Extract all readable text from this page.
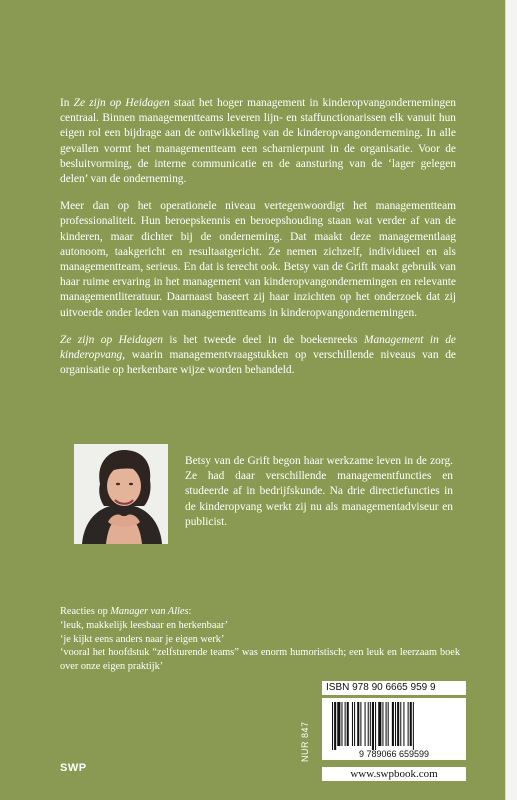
In Ze zijn op Heidagen staat het hoger management in kinderopvangondernemingen centraal. Binnen managementteams leveren lijn- en staffunctionarissen elk vanuit hun eigen rol een bijdrage aan de ontwikkeling van de kinderopvangonderneming. In alle gevallen vormt het managementteam een scharnierpunt in de organisatie. Voor de besluitvorming, de interne communicatie en de aansturing van de ‘lager gelegen delen’ van de onderneming.

Meer dan op het operationele niveau vertegenwoordigt het managementteam professionaliteit. Hun beroepskennis en beroepshouding staan wat verder af van de kinderen, maar dichter bij de onderneming. Dat maakt deze managementlaag autonoom, taakgericht en resultaatgericht. Ze nemen zichzelf, individueel en als managementteam, serieus. En dat is terecht ook. Betsy van de Grift maakt gebruik van haar ruime ervaring in het management van kinderopvangondernemingen en relevante managementliteratuur. Daarnaast baseert zij haar inzichten op het onderzoek dat zij uitvoerde onder leden van managementteams in kinderopvangondernemingen.

Ze zijn op Heidagen is het tweede deel in de boekenreeks Management in de kinderopvang, waarin managementvraagstukken op verschillende niveaus van de organisatie op herkenbare wijze worden behandeld.

Betsy van de Grift begon haar werkzame leven in de zorg. Ze had daar verschillende managementfuncties en studeerde af in bedrijfskunde. Na drie directiefuncties in de kinderopvang werkt zij nu als managementadviseur en publicist.

Reacties op Manager van Alles:

‘leuk, makkelijk leesbaar en herkenbaar’

‘je kijkt eens anders naar je eigen werk’

‘vooral het hoofdstuk “zelfsturende teams” was enorm humoristisch; een leuk en leerzaam boek over onze eigen praktijk’

NUR 847
ISBN 978 90 6665 959 9
9 789066 659599
www.swpbook.com
SWP
